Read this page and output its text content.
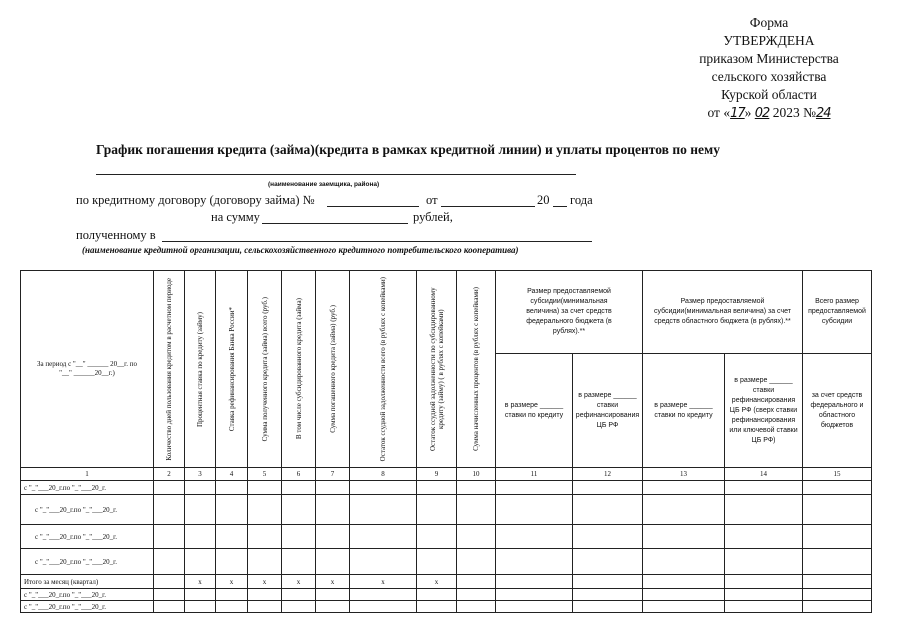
Форма
УТВЕРЖДЕНА
приказом Министерства
сельского хозяйства
Курской области
от «17» 02 2023 №24
График погашения кредита (займа)(кредита в рамках кредитной линии) и уплаты процентов по нему
(наименование заемщика, района)
по кредитному договору (договору займа) №	от	20 года
на сумму	рублей,
полученному в
(наименование кредитной организации, сельскохозяйственного кредитного потребительского кооператива)
За период с "__" ______ 20__г. по "__" ______20__г.)	Количество дней пользования кредитом в расчетном периоде	Процентная ставка по кредиту (займу)	Ставка рефинансирования Банка России*	Сумма полученного кредита (займа) всего (руб.)	В том числе субсидированного кредита (займа)	Сумма погашенного кредита (займа) (руб.)	Остаток ссудной задолженности всего (в рублях с копейками)	Остаток ссудной задолженности по субсидированному кредиту (займу) ( в рублях с копейками)	Сумма начисленных процентов (в рублях с копейками)	Размер предоставляемой субсидии(минимальная величина) за счет средств федерального бюджета (в рублях).**		Размер предоставляемой субсидии(минимальная величина) за счет средств областного бюджета (в рублях).**		Всего размер предоставляемой субсидии

										в размере ______ ставки по кредиту	в размере ______ ставки рефинансирования ЦБ РФ	в размере ______ ставки по кредиту	в размере ______ ставки рефинансирования ЦБ РФ (сверх ставки рефинансирования или ключевой ставки ЦБ РФ)	за счет средств федерального и областного бюджетов

1	2	3	4	5	6	7	8	9	10	11	12	13	14	15
с "_"___20_г.по "_"___20_г.														
с "_"___20_г.по "_"___20_г.														
с "_"___20_г.по "_"___20_г.														
с "_"___20_г.по "_"___20_г.														
Итого за месяц (квартал)		x	x	x	x	x	x	x						
с "_"___20_г.по "_"___20_г.														
с "_"___20_г.по "_"___20_г.														
